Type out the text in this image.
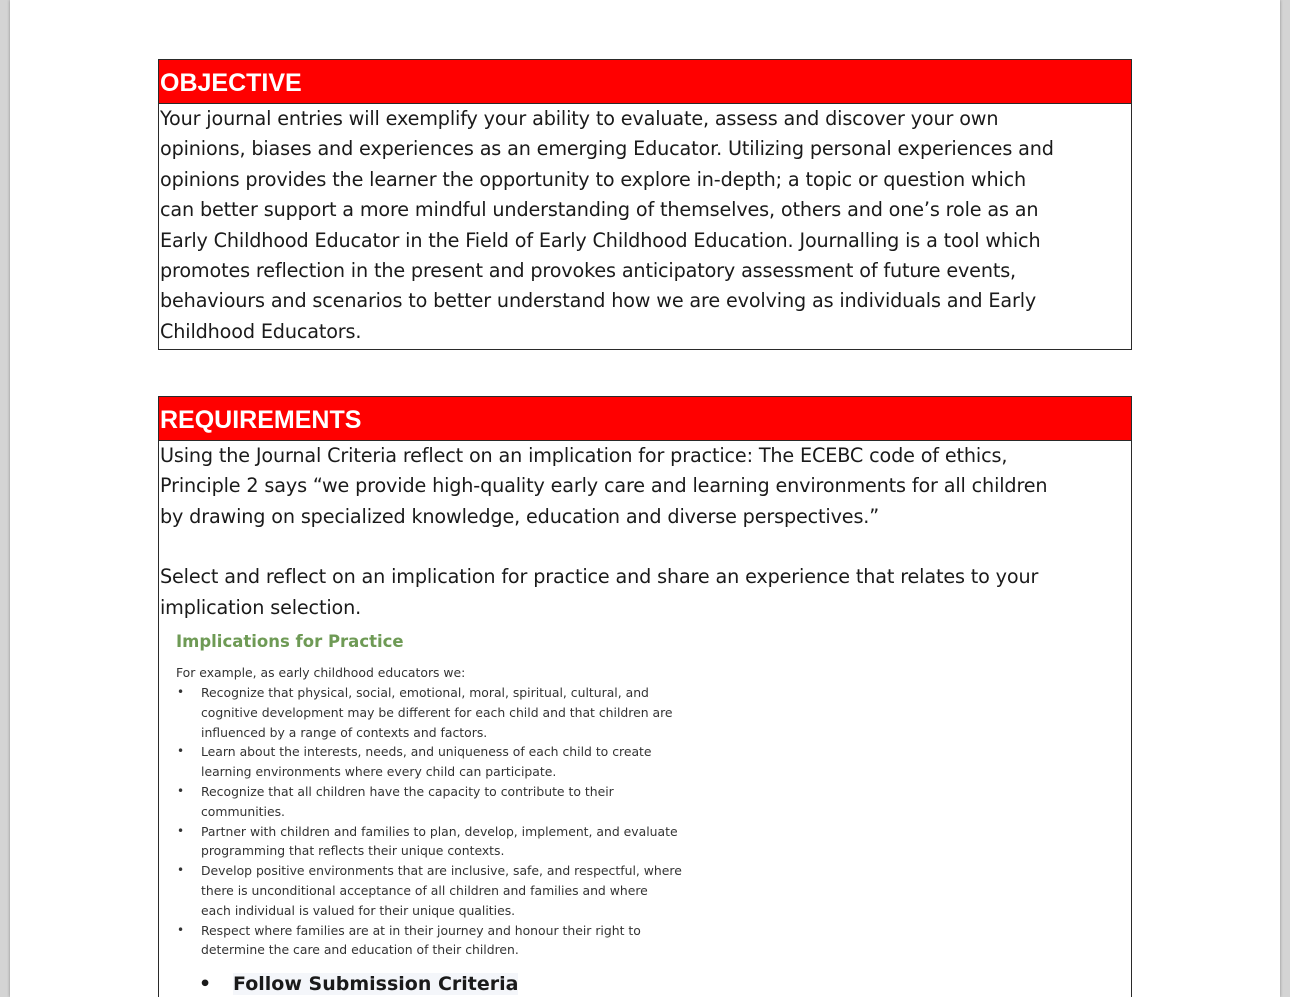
OBJECTIVE
Your journal entries will exemplify your ability to evaluate, assess and discover your own
opinions, biases and experiences as an emerging Educator. Utilizing personal experiences and
opinions provides the learner the opportunity to explore in-depth; a topic or question which
can better support a more mindful understanding of themselves, others and one’s role as an
Early Childhood Educator in the Field of Early Childhood Education. Journalling is a tool which
promotes reflection in the present and provokes anticipatory assessment of future events,
behaviours and scenarios to better understand how we are evolving as individuals and Early
Childhood Educators.
REQUIREMENTS
Using the Journal Criteria reflect on an implication for practice: The ECEBC code of ethics,
Principle 2 says “we provide high-quality early care and learning environments for all children
by drawing on specialized knowledge, education and diverse perspectives.”
Select and reflect on an implication for practice and share an experience that relates to your
implication selection.
Implications for Practice
For example, as early childhood educators we:
• Recognize that physical, social, emotional, moral, spiritual, cultural, and
cognitive development may be different for each child and that children are
influenced by a range of contexts and factors.
• Learn about the interests, needs, and uniqueness of each child to create
learning environments where every child can participate.
• Recognize that all children have the capacity to contribute to their
communities.
• Partner with children and families to plan, develop, implement, and evaluate
programming that reflects their unique contexts.
• Develop positive environments that are inclusive, safe, and respectful, where
there is unconditional acceptance of all children and families and where
each individual is valued for their unique qualities.
• Respect where families are at in their journey and honour their right to
determine the care and education of their children.
• Follow Submission Criteria
